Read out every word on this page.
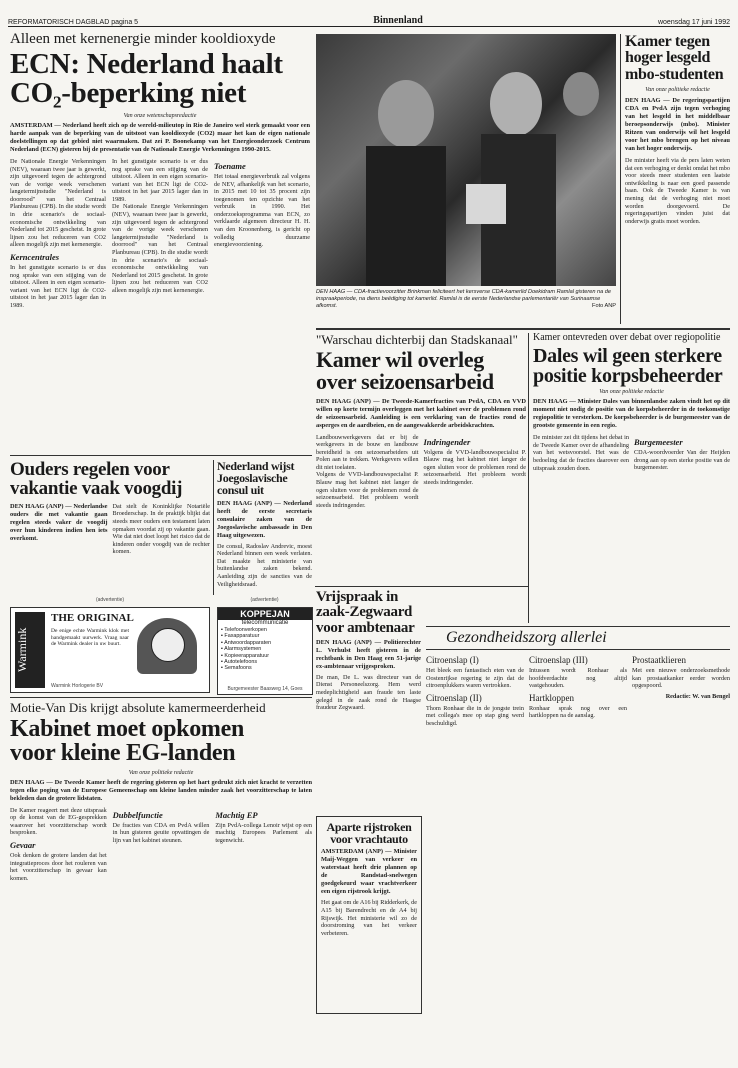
REFORMATORISCH DAGBLAD pagina 5	Binnenland	woensdag 17 juni 1992
Alleen met kernenergie minder kooldioxyde
ECN: Nederland haalt
CO₂-beperking niet
Van onze wetenschapsredactie
AMSTERDAM — Nederland heeft zich op de wereld-milieutop in Rio de Janeiro wel sterk gemaakt voor een harde aanpak van de beperking van de uitstoot van kooldioxyde (CO2) maar het kan de eigen nationale doelstellingen op dat gebied niet waarmaken. Dat zei P. Boonekamp van het Energieonderzoek Centrum Nederland (ECN) gisteren bij de presentatie van de Nationale Energie Verkenningen 1990-2015.
De Nationale Energie Verkenningen (NEV), waaraan twee jaar is gewerkt, zijn uitgevoerd tegen de achtergrond van de vorige week verschenen langetermijnstudie "Nederland is doorrood" van het Centraal Planbureau (CPB). In die studie wordt in drie scenario's de sociaal-economische ontwikkeling van Nederland tot 2015 geschetst. In grote lijnen zou het reduceren van CO2 alleen mogelijk zijn met kernenergie.
Kerncentrales
In het gunstigste scenario is er dus nog sprake van een stijging van de uitstoot. Alleen in een eigen scenario-variant van het ECN ligt de CO2-uitstoot in het jaar 2015 lager dan in 1989.
In het gunstigste scenario is er dus nog sprake van een stijging van de uitstoot. Alleen in een eigen scenario-variant van het ECN ligt de CO2-uitstoot in het jaar 2015 lager dan in 1989.
De Nationale Energie Verkenningen (NEV), waaraan twee jaar is gewerkt, zijn uitgevoerd tegen de achtergrond van de vorige week verschenen langetermijnstudie "Nederland is doorrood" van het Centraal Planbureau (CPB). In die studie wordt in drie scenario's de sociaal-economische ontwikkeling van Nederland tot 2015 geschetst. In grote lijnen zou het reduceren van CO2 alleen mogelijk zijn met kernenergie.
Toename
Het totaal energieverbruik zal volgens de NEV, afhankelijk van het scenario, in 2015 met 10 tot 35 procent zijn toegenomen ten opzichte van het verbruik in 1990. Het onderzoeksprogramma van ECN, zo verklaarde algemeen directeur H. H. van den Kroonenberg, is gericht op volledig duurzame energievoorziening.
DEN HAAG — CDA-fractievoorzitter Brinkman feliciteert het kersverse CDA-kamerlid Doekidram Ramlal gisteren na de inspraakperiode, na diens beëdiging tot kamerlid. Ramlal is de eerste Nederlandse parlementariër van Surinaamse afkomst.	Foto ANP
Kamer tegen hoger lesgeld mbo-studenten
Van onze politieke redactie
DEN HAAG — De regeringspartijen CDA en PvdA zijn tegen verhoging van het lesgeld in het middelbaar beroepsonderwijs (mbo). Minister Ritzen van onderwijs wil het lesgeld voor het mbo brengen op het niveau van het hoger onderwijs.
De minister heeft via de pers laten weten dat een verhoging er denkt omdat het mbo voor steeds meer studenten een laatste ontwikkeling is naar een goed passende baan. Ook de Tweede Kamer is van mening dat de verhoging niet moet worden doorgevoerd. De regeringspartijen vinden juist dat onderwijs gratis moet worden.
"Warschau dichterbij dan Stadskanaal"
Kamer wil overleg over seizoensarbeid
DEN HAAG (ANP) — De Tweede-Kamerfracties van PvdA, CDA en VVD willen op korte termijn overleggen met het kabinet over de problemen rond de seizoensarbeid. Aanleiding is een verklaring van de fracties rond de asperges en de aardbeien, en de aangewakkerde arbeidskrachten.
Landbouwwerkgevers dat er bij de werkgevers in de bouw en landbouw bereidheid is om seizoenarbeiders uit Polen aan te trekken. Werkgevers willen dit niet toelaten.
Volgens de VVD-landbouwspecialist P. Blauw mag het kabinet niet langer de ogen sluiten voor de problemen rond de seizoensarbeid. Het probleem wordt steeds indringender.
Indringender
Volgens de VVD-landbouwspecialist P. Blauw mag het kabinet niet langer de ogen sluiten voor de problemen rond de seizoensarbeid. Het probleem wordt steeds indringender.
Kamer ontevreden over debat over regiopolitie
Dales wil geen sterkere positie korpsbeheerder
Van onze politieke redactie
DEN HAAG — Minister Dales van binnenlandse zaken vindt het op dit moment niet nodig de positie van de korpsbeheerder in de toekomstige regiopolitie te versterken. De korpsbeheerder is de burgemeester van de grootste gemeente in een regio.
De minister zei dit tijdens het debat in de Tweede Kamer over de afhandeling van het wetsvoorstel. Het was de bedoeling dat de fracties daarover een uitspraak zouden doen.
Burgemeester
CDA-woordvoerder Van der Heijden drong aan op een sterke positie van de burgemeester.
Ouders regelen voor vakantie vaak voogdij
DEN HAAG (ANP) — Nederlandse ouders die met vakantie gaan regelen steeds vaker de voogdij over hun kinderen indien hen iets overkomt.
Dat stelt de Koninklijke Notariële Broederschap. In de praktijk blijkt dat steeds meer ouders een testament laten opmaken voordat zij op vakantie gaan. Wie dat niet doet loopt het risico dat de kinderen onder voogdij van de rechter komen.
Nederland wijst Joegoslavische consul uit
DEN HAAG (ANP) — Nederland heeft de eerste secretaris consulaire zaken van de Joegoslavische ambassade in Den Haag uitgewezen.
De consul, Radoslav Andrevic, moest Nederland binnen een week verlaten. Dat maakte het ministerie van buitenlandse zaken bekend. Aanleiding zijn de sancties van de Veiligheidsraad.
(advertentie)
Warmink
THE ORIGINAL
De enige echte Warmink klok met handgemaakt uurwerk. Vraag naar de Warmink dealer in uw buurt.
Warmink Horlogerie BV
(advertentie)
KOPPEJAN
telecommunicatie
▪ Telefoonverkopen
▪ Faxapparatuur
▪ Antwoordapparaten
▪ Alarmsystemen
▪ Kopieerapparatuur
▪ Autotelefoons
▪ Semafoons
Burgemeester Baasweg 14, Goes
Vrijspraak in zaak-Zegwaard voor ambtenaar
DEN HAAG (ANP) — Politierechter L. Verhulst heeft gisteren in de rechtbank in Den Haag een 51-jarige ex-ambtenaar vrijgesproken.
De man, De L. was directeur van de Dienst Personeelszorg. Hem werd medeplichtigheid aan fraude ten laste gelegd in de zaak rond de Haagse fraudeur Zegwaard.
Aparte rijstroken voor vrachtauto
AMSTERDAM (ANP) — Minister Maij-Weggen van verkeer en waterstaat heeft drie plannen op de Randstad-snelwegen goedgekeurd waar vrachtverkeer een eigen rijstrook krijgt.
Het gaat om de A16 bij Ridderkerk, de A15 bij Barendrecht en de A4 bij Rijswijk. Het ministerie wil zo de doorstroming van het verkeer verbeteren.
Gezondheidszorg allerlei
Citroenslap (I)
Het bleek een fantastisch eten van de Oostenrijkse regering te zijn dat de citroenplukkers waren vertrokken.
Citroenslap (II)
Thom Ronhaar die in de jongste trein met collega's mee op stap ging werd beschuldigd.
Citroenslap (III)
Intussen wordt Ronhaar als hoofdverdachte nog altijd vastgehouden.
Hartkloppen
Ronhaar sprak nog over een hartkloppen na de aanslag.
Prostaatklieren
Met een nieuwe onderzoeksmethode kan prostaatkanker eerder worden opgespoord.
Redactie: W. van Bengel
Motie-Van Dis krijgt absolute kamermeerderheid
Kabinet moet opkomen
voor kleine EG-landen
Van onze politieke redactie
DEN HAAG — De Tweede Kamer heeft de regering gisteren op het hart gedrukt zich niet kracht te verzetten tegen elke poging van de Europese Gemeenschap om kleine landen minder zaak het voorzitterschap te laten bekleden dan de grotere lidstaten.
De Kamer reageert met deze uitspraak op de komst van de EG-gesprekken waarover het voorzitterschap wordt besproken.
Gevaar
Ook denken de grotere landen dat het integratieproces door het rouleren van het voorzitterschap in gevaar kan komen.
Dubbelfunctie
De fracties van CDA en PvdA willen in hun gisteren geuite opvattingen de lijn van het kabinet steunen.
Machtig EP
Zijn PvdA-collega Lenoir wijst op een machtig Europees Parlement als tegenwicht.
